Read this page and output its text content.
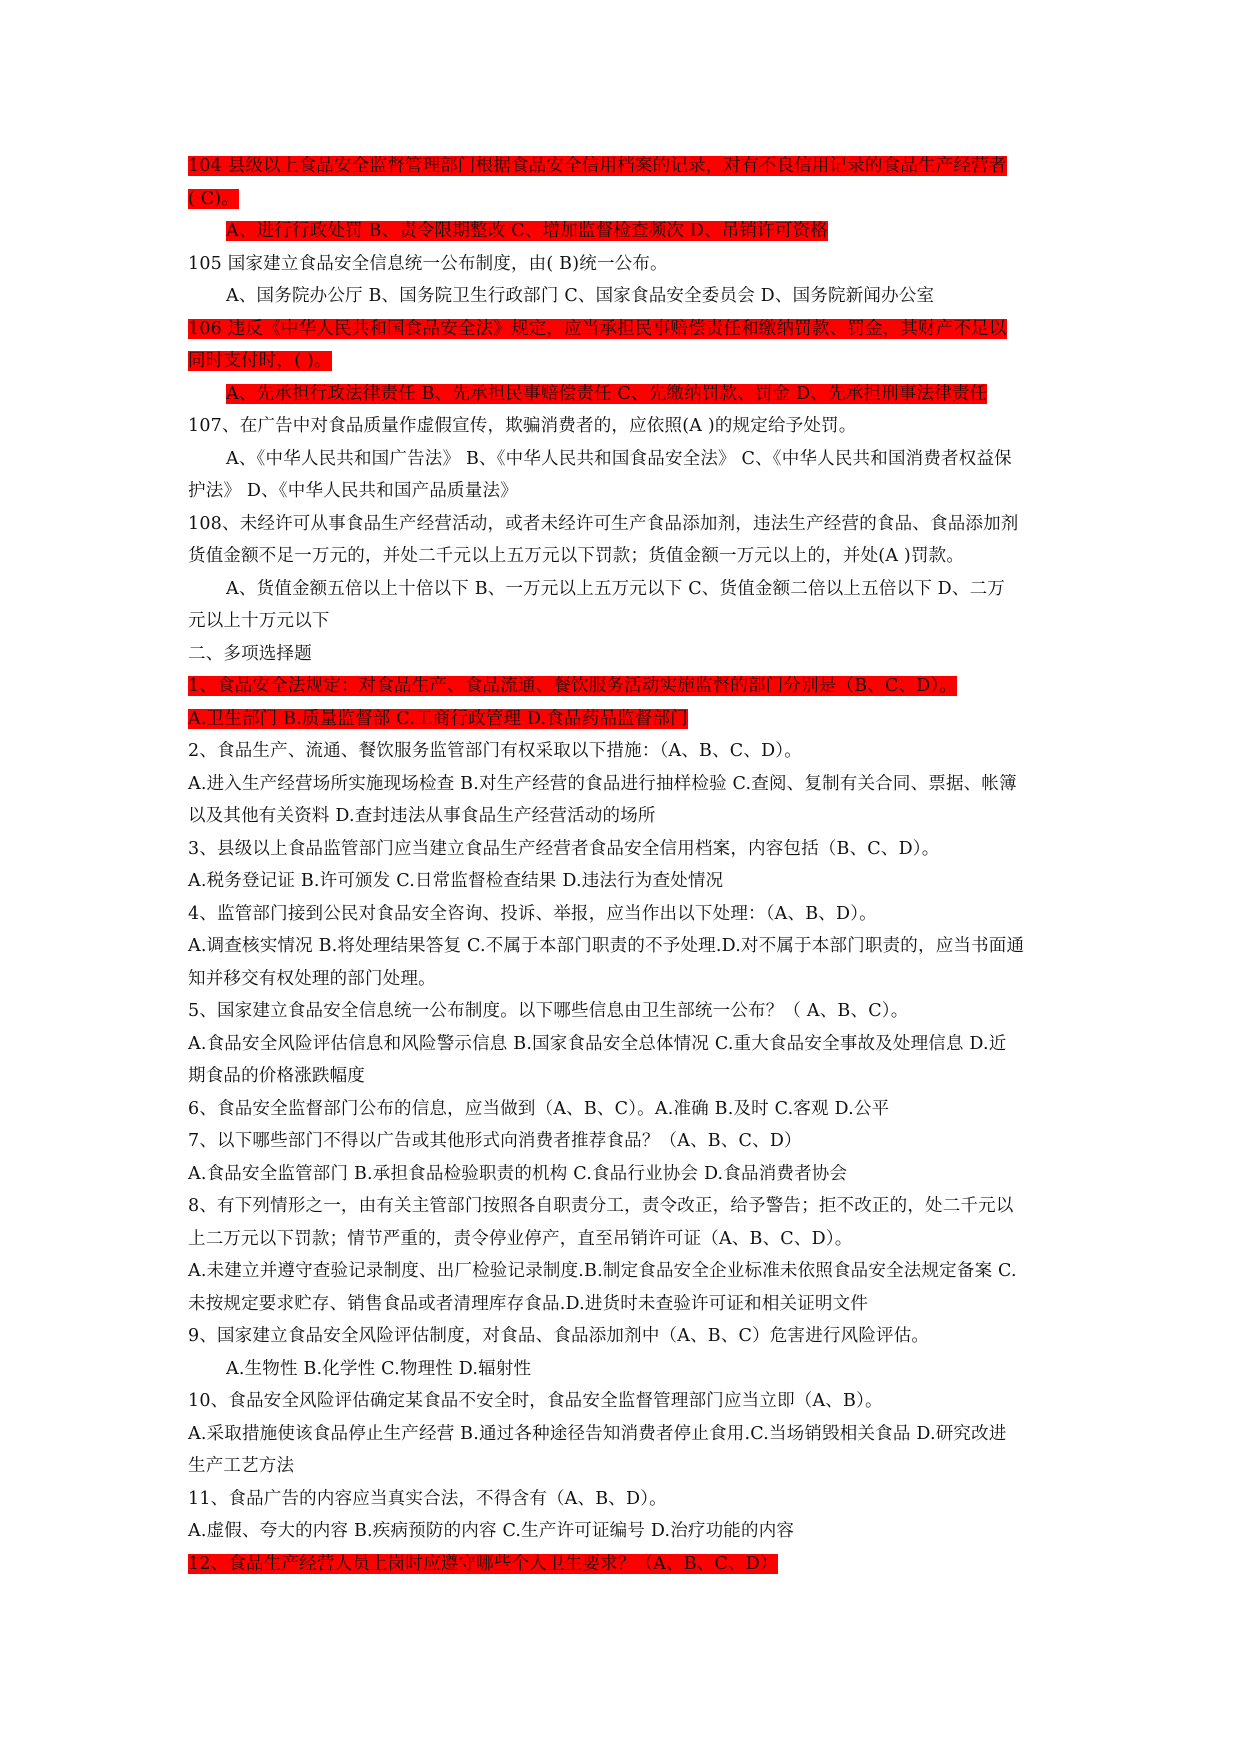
104 县级以上食品安全监督管理部门根据食品安全信用档案的记录，对有不良信用记录的食品生产经营者
( C)。
A、进行行政处罚 B、责令限期整改 C、增加监督检查频次 D、吊销许可资格
105 国家建立食品安全信息统一公布制度，由( B)统一公布。
A、国务院办公厅 B、国务院卫生行政部门 C、国家食品安全委员会 D、国务院新闻办公室
106 违反《中华人民共和国食品安全法》规定，应当承担民事赔偿责任和缴纳罚款、罚金，其财产不足以
同时支付时，( )。
A、先承担行政法律责任 B、先承担民事赔偿责任 C、先缴纳罚款、罚金 D、先承担刑事法律责任
107、在广告中对食品质量作虚假宣传，欺骗消费者的，应依照(A )的规定给予处罚。
A、《中华人民共和国广告法》 B、《中华人民共和国食品安全法》 C、《中华人民共和国消费者权益保
护法》 D、《中华人民共和国产品质量法》
108、未经许可从事食品生产经营活动，或者未经许可生产食品添加剂，违法生产经营的食品、食品添加剂
货值金额不足一万元的，并处二千元以上五万元以下罚款；货值金额一万元以上的，并处(A )罚款。
A、货值金额五倍以上十倍以下 B、一万元以上五万元以下 C、货值金额二倍以上五倍以下 D、二万
元以上十万元以下
二、多项选择题
1、食品安全法规定：对食品生产、食品流通、餐饮服务活动实施监督的部门分别是（B、C、D）。
A.卫生部门 B.质量监督部 C.工商行政管理 D.食品药品监督部门
2、食品生产、流通、餐饮服务监管部门有权采取以下措施：（A、B、C、D）。
A.进入生产经营场所实施现场检查 B.对生产经营的食品进行抽样检验 C.查阅、复制有关合同、票据、帐簿
以及其他有关资料 D.查封违法从事食品生产经营活动的场所
3、县级以上食品监管部门应当建立食品生产经营者食品安全信用档案，内容包括（B、C、D）。
A.税务登记证 B.许可颁发 C.日常监督检查结果 D.违法行为查处情况
4、监管部门接到公民对食品安全咨询、投诉、举报，应当作出以下处理：（A、B、D）。
A.调查核实情况 B.将处理结果答复 C.不属于本部门职责的不予处理.D.对不属于本部门职责的，应当书面通
知并移交有权处理的部门处理。
5、国家建立食品安全信息统一公布制度。以下哪些信息由卫生部统一公布？（ A、B、C）。
A.食品安全风险评估信息和风险警示信息 B.国家食品安全总体情况 C.重大食品安全事故及处理信息 D.近
期食品的价格涨跌幅度
6、食品安全监督部门公布的信息，应当做到（A、B、C）。A.准确 B.及时 C.客观 D.公平
7、以下哪些部门不得以广告或其他形式向消费者推荐食品？（A、B、C、D）
A.食品安全监管部门 B.承担食品检验职责的机构 C.食品行业协会 D.食品消费者协会
8、有下列情形之一，由有关主管部门按照各自职责分工，责令改正，给予警告；拒不改正的，处二千元以
上二万元以下罚款；情节严重的，责令停业停产，直至吊销许可证（A、B、C、D）。
A.未建立并遵守查验记录制度、出厂检验记录制度.B.制定食品安全企业标准未依照食品安全法规定备案 C.
未按规定要求贮存、销售食品或者清理库存食品.D.进货时未查验许可证和相关证明文件
9、国家建立食品安全风险评估制度，对食品、食品添加剂中（A、B、C）危害进行风险评估。
A.生物性 B.化学性 C.物理性 D.辐射性
10、食品安全风险评估确定某食品不安全时，食品安全监督管理部门应当立即（A、B）。
A.采取措施使该食品停止生产经营 B.通过各种途径告知消费者停止食用.C.当场销毁相关食品 D.研究改进
生产工艺方法
11、食品广告的内容应当真实合法，不得含有（A、B、D）。
A.虚假、夸大的内容 B.疾病预防的内容 C.生产许可证编号 D.治疗功能的内容
12、食品生产经营人员上岗时应遵守哪些个人卫生要求？（A、B、C、D）
